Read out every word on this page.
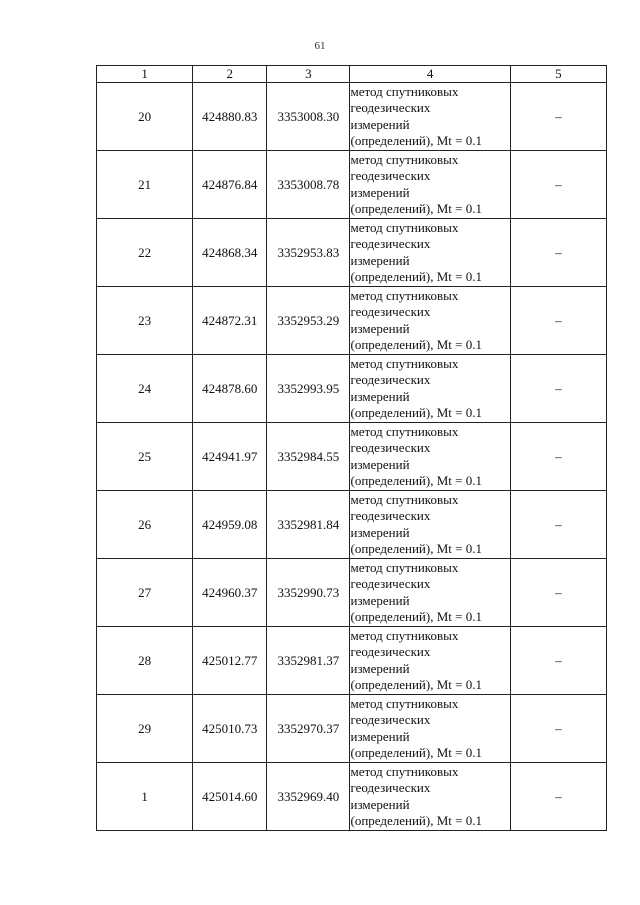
61
1	2	3	4	5
20	424880.83	3353008.30	метод спутниковых
геодезических
измерений
(определений), Mt = 0.1	–
21	424876.84	3353008.78	метод спутниковых
геодезических
измерений
(определений), Mt = 0.1	–
22	424868.34	3352953.83	метод спутниковых
геодезических
измерений
(определений), Mt = 0.1	–
23	424872.31	3352953.29	метод спутниковых
геодезических
измерений
(определений), Mt = 0.1	–
24	424878.60	3352993.95	метод спутниковых
геодезических
измерений
(определений), Mt = 0.1	–
25	424941.97	3352984.55	метод спутниковых
геодезических
измерений
(определений), Mt = 0.1	–
26	424959.08	3352981.84	метод спутниковых
геодезических
измерений
(определений), Mt = 0.1	–
27	424960.37	3352990.73	метод спутниковых
геодезических
измерений
(определений), Mt = 0.1	–
28	425012.77	3352981.37	метод спутниковых
геодезических
измерений
(определений), Mt = 0.1	–
29	425010.73	3352970.37	метод спутниковых
геодезических
измерений
(определений), Mt = 0.1	–
1	425014.60	3352969.40	метод спутниковых
геодезических
измерений
(определений), Mt = 0.1	–
